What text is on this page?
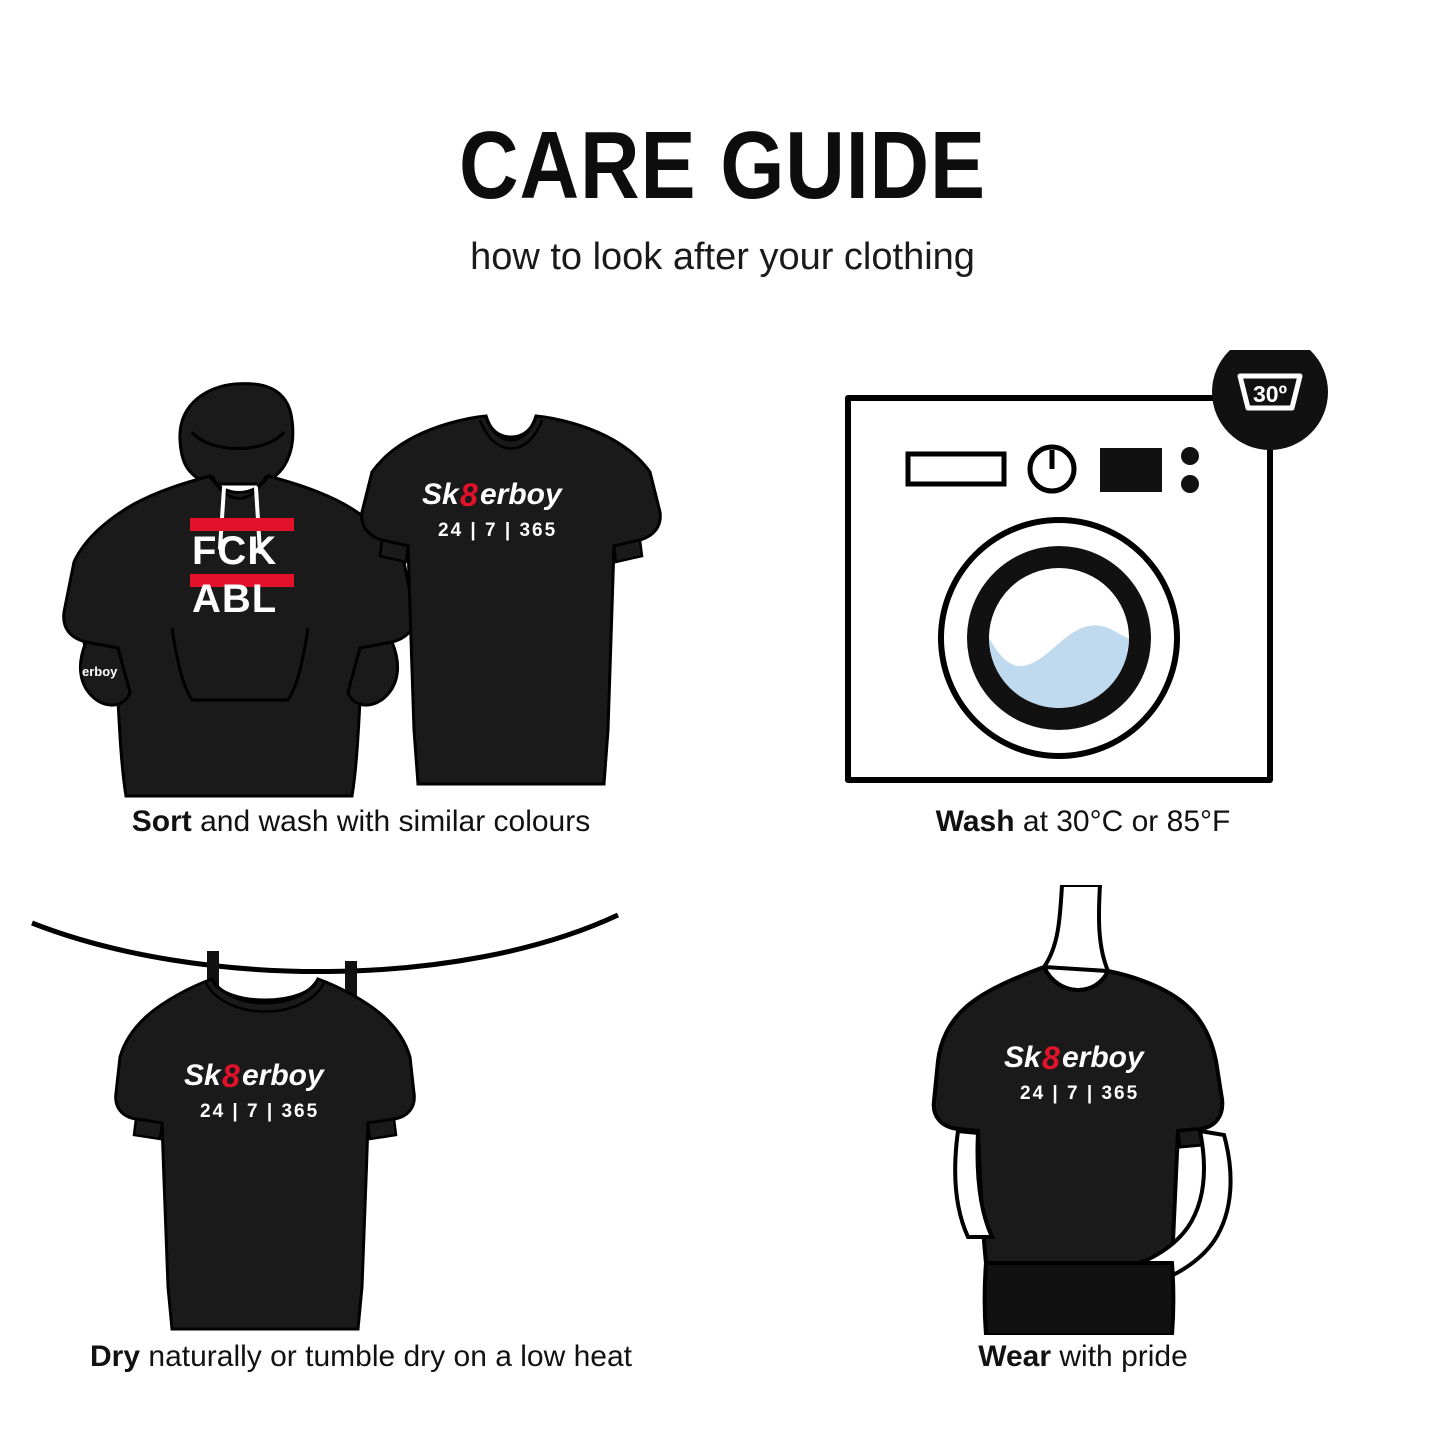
CARE GUIDE

how to look after your clothing

FCK
ABL
erboy
Sk 8 erboy
24 | 7 | 365
Sort and wash with similar colours
30º
Wash at 30°C or 85°F
Sk 8 erboy
24 | 7 | 365
Dry naturally or tumble dry on a low heat
Sk 8 erboy
24 | 7 | 365
Wear with pride
